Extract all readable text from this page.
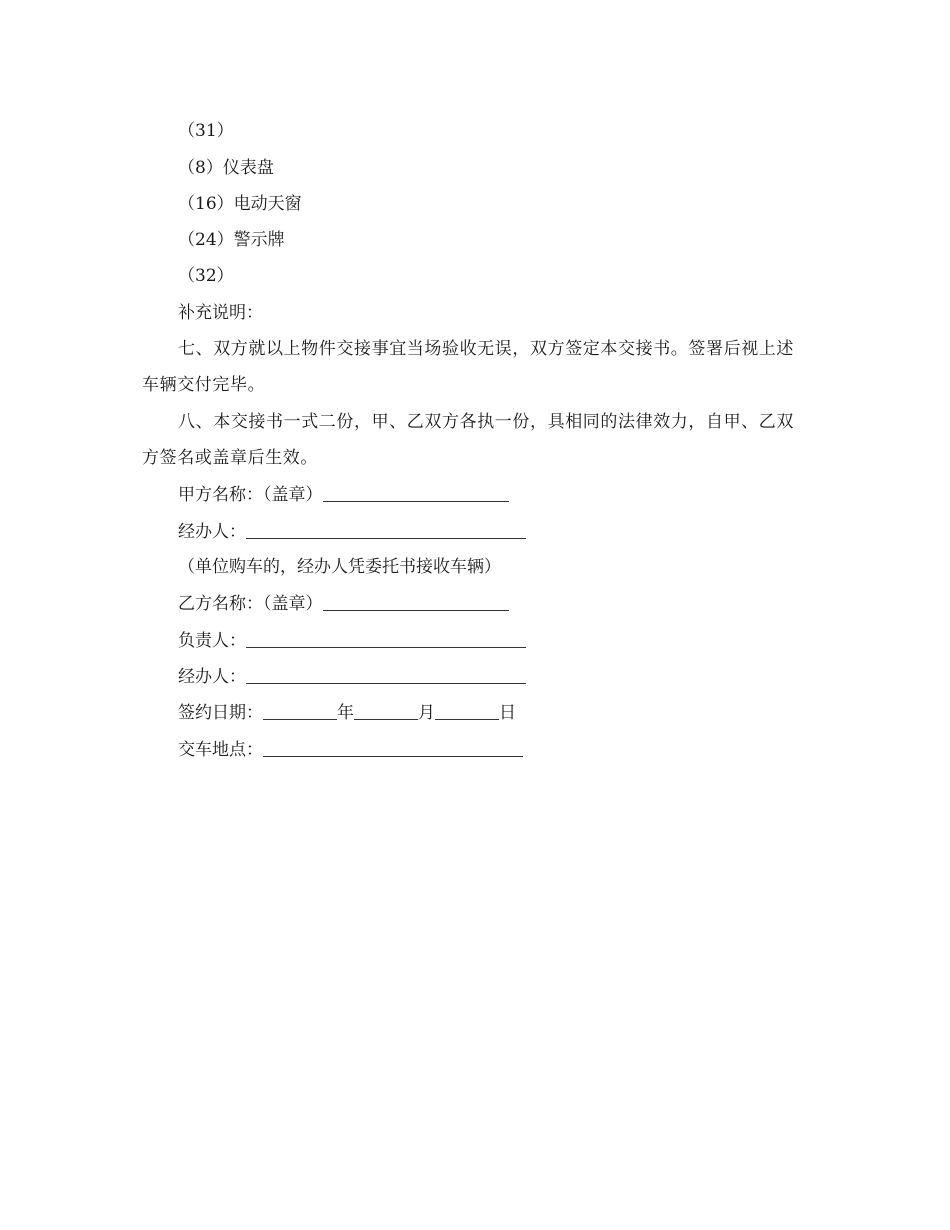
（31）
（8）仪表盘
（16）电动天窗
（24）警示牌
（32）
补充说明：
七、双方就以上物件交接事宜当场验收无误，双方签定本交接书。签署后视上述车辆交付完毕。
八、本交接书一式二份，甲、乙双方各执一份，具相同的法律效力，自甲、乙双方签名或盖章后生效。
甲方名称：（盖章）
经办人：
（单位购车的，经办人凭委托书接收车辆）
乙方名称：（盖章）
负责人：
经办人：
签约日期：	年	月	日
交车地点：
